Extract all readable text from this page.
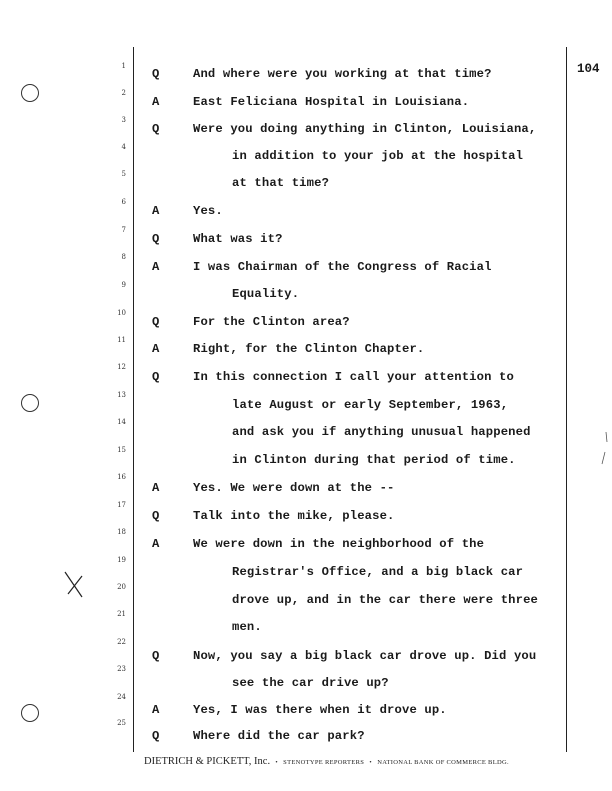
104
1
2
3
4
5
6
7
8
9
10
11
12
13
14
15
16
17
18
19
20
21
22
23
24
25
Q	And where were you working at that time?
A	East Feliciana Hospital in Louisiana.
Q	Were you doing anything in Clinton, Louisiana,
in addition to your job at the hospital
at that time?
A	Yes.
Q	What was it?
A	I was Chairman of the Congress of Racial
Equality.
Q	For the Clinton area?
A	Right, for the Clinton Chapter.
Q	In this connection I call your attention to
late August or early September, 1963,
and ask you if anything unusual happened
in Clinton during that period of time.
A	Yes. We were down at the --
Q	Talk into the mike, please.
A	We were down in the neighborhood of the
Registrar's Office, and a big black car
drove up, and in the car there were three
men.
Q	Now, you say a big black car drove up. Did you
see the car drive up?
A	Yes, I was there when it drove up.
Q	Where did the car park?
DIETRICH & PICKETT, Inc. • STENOTYPE REPORTERS • NATIONAL BANK OF COMMERCE BLDG.
